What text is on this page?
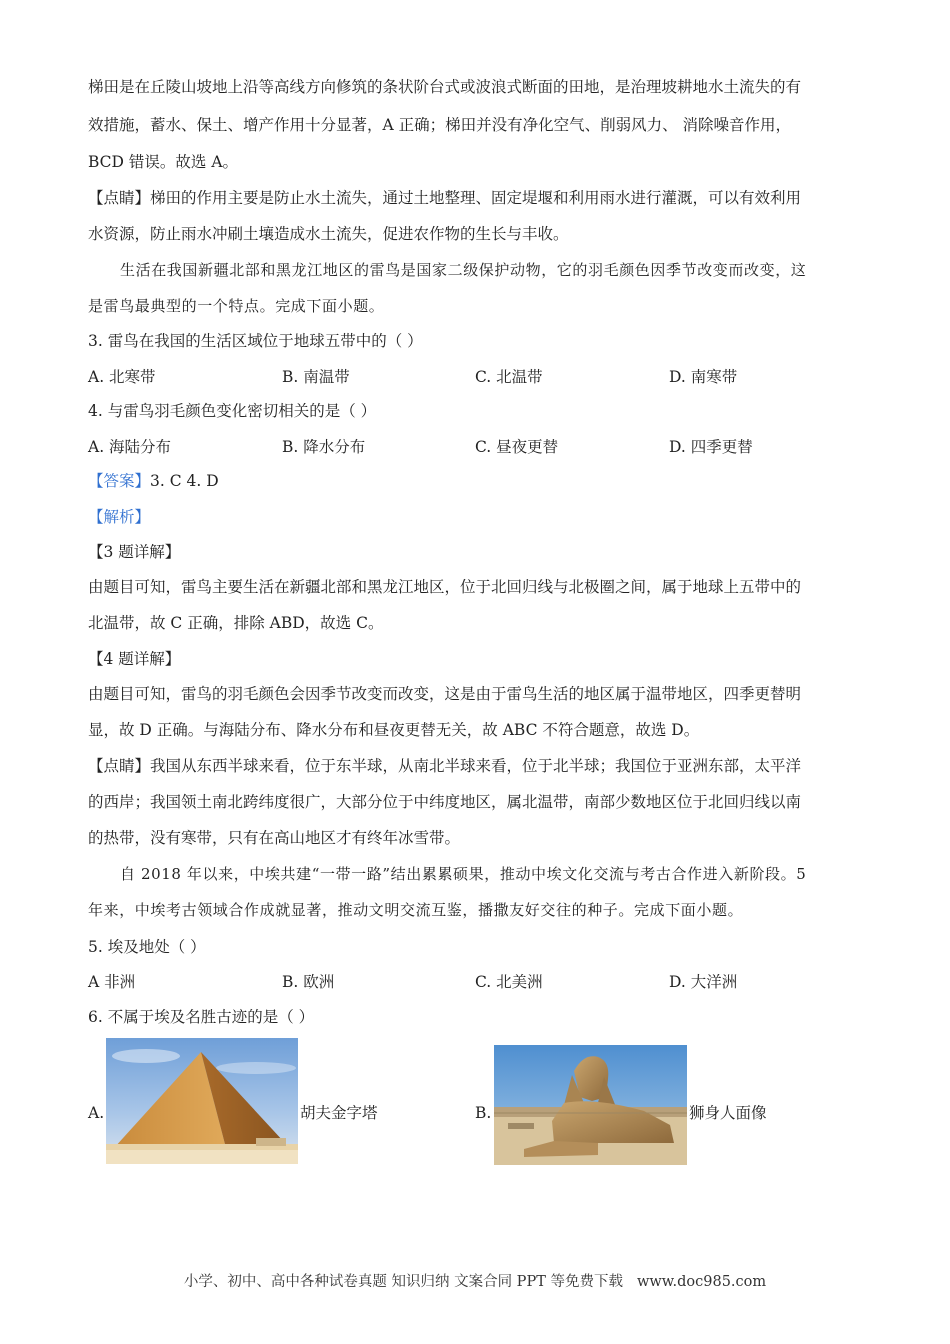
梯田是在丘陵山坡地上沿等高线方向修筑的条状阶台式或波浪式断面的田地，是治理坡耕地水土流失的有
效措施，蓄水、保土、增产作用十分显著，A 正确；梯田并没有净化空气、削弱风力、 消除噪音作用，
BCD 错误。故选 A。
【点睛】梯田的作用主要是防止水土流失，通过土地整理、固定堤堰和利用雨水进行灌溉，可以有效利用
水资源，防止雨水冲刷土壤造成水土流失，促进农作物的生长与丰收。
生活在我国新疆北部和黑龙江地区的雷鸟是国家二级保护动物，它的羽毛颜色因季节改变而改变，这
是雷鸟最典型的一个特点。完成下面小题。
3. 雷鸟在我国的生活区域位于地球五带中的（ ）
A. 北寒带	B. 南温带	C. 北温带	D. 南寒带
4. 与雷鸟羽毛颜色变化密切相关的是（ ）
A. 海陆分布	B. 降水分布	C. 昼夜更替	D. 四季更替
【答案】3. C 4. D
【解析】
【3 题详解】
由题目可知，雷鸟主要生活在新疆北部和黑龙江地区，位于北回归线与北极圈之间，属于地球上五带中的
北温带，故 C 正确，排除 ABD，故选 C。
【4 题详解】
由题目可知，雷鸟的羽毛颜色会因季节改变而改变，这是由于雷鸟生活的地区属于温带地区，四季更替明
显，故 D 正确。与海陆分布、降水分布和昼夜更替无关，故 ABC 不符合题意，故选 D。
【点睛】我国从东西半球来看，位于东半球，从南北半球来看，位于北半球；我国位于亚洲东部，太平洋
的西岸；我国领土南北跨纬度很广，大部分位于中纬度地区，属北温带，南部少数地区位于北回归线以南
的热带，没有寒带，只有在高山地区才有终年冰雪带。
自 2018 年以来，中埃共建“一带一路”结出累累硕果，推动中埃文化交流与考古合作进入新阶段。5
年来，中埃考古领域合作成就显著，推动文明交流互鉴，播撒友好交往的种子。完成下面小题。
5. 埃及地处（ ）
A 非洲	B. 欧洲	C. 北美洲	D. 大洋洲
6. 不属于埃及名胜古迹的是（ ）
A.	胡夫金字塔	B.	狮身人面像
小学、初中、高中各种试卷真题 知识归纳 文案合同 PPT 等免费下载 www.doc985.com
